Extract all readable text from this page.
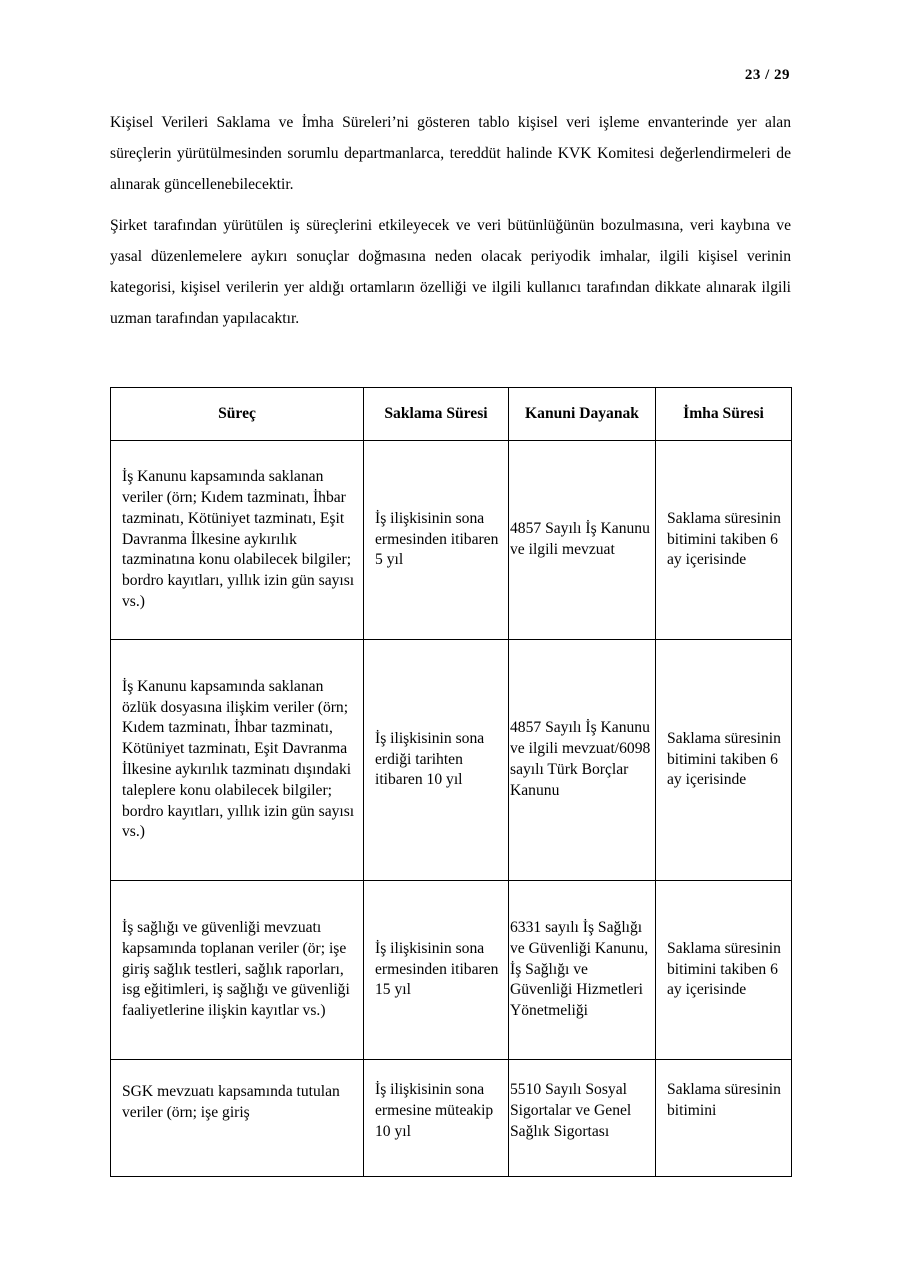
23 / 29

Kişisel Verileri Saklama ve İmha Süreleri’ni gösteren tablo kişisel veri işleme envanterinde yer alan süreçlerin yürütülmesinden sorumlu departmanlarca, tereddüt halinde KVK Komitesi değerlendirmeleri de alınarak güncellenebilecektir.

Şirket tarafından yürütülen iş süreçlerini etkileyecek ve veri bütünlüğünün bozulmasına, veri kaybına ve yasal düzenlemelere aykırı sonuçlar doğmasına neden olacak periyodik imhalar, ilgili kişisel verinin kategorisi, kişisel verilerin yer aldığı ortamların özelliği ve ilgili kullanıcı tarafından dikkate alınarak ilgili uzman tarafından yapılacaktır.

Süreç	Saklama Süresi	Kanuni Dayanak	İmha Süresi
İş Kanunu kapsamında saklanan veriler (örn; Kıdem tazminatı, İhbar tazminatı, Kötüniyet tazminatı, Eşit Davranma İlkesine aykırılık tazminatına konu olabilecek bilgiler; bordro kayıtları, yıllık izin gün sayısı vs.)	İş ilişkisinin sona ermesinden itibaren 5 yıl	4857 Sayılı İş Kanunu ve ilgili mevzuat	Saklama süresinin bitimini takiben 6 ay içerisinde
İş Kanunu kapsamında saklanan özlük dosyasına ilişkim veriler (örn; Kıdem tazminatı, İhbar tazminatı, Kötüniyet tazminatı, Eşit Davranma İlkesine aykırılık tazminatı dışındaki taleplere konu olabilecek bilgiler; bordro kayıtları, yıllık izin gün sayısı vs.)	İş ilişkisinin sona erdiği tarihten itibaren 10 yıl	4857 Sayılı İş Kanunu ve ilgili mevzuat/6098 sayılı Türk Borçlar Kanunu	Saklama süresinin bitimini takiben 6 ay içerisinde
İş sağlığı ve güvenliği mevzuatı kapsamında toplanan veriler (ör; işe giriş sağlık testleri, sağlık raporları, isg eğitimleri, iş sağlığı ve güvenliği faaliyetlerine ilişkin kayıtlar vs.)	İş ilişkisinin sona ermesinden itibaren 15 yıl	6331 sayılı İş Sağlığı ve Güvenliği Kanunu, İş Sağlığı ve Güvenliği Hizmetleri Yönetmeliği	Saklama süresinin bitimini takiben 6 ay içerisinde
SGK mevzuatı kapsamında tutulan veriler (örn; işe giriş	İş ilişkisinin sona ermesine müteakip 10 yıl	5510 Sayılı Sosyal Sigortalar ve Genel Sağlık Sigortası	Saklama süresinin bitimini
